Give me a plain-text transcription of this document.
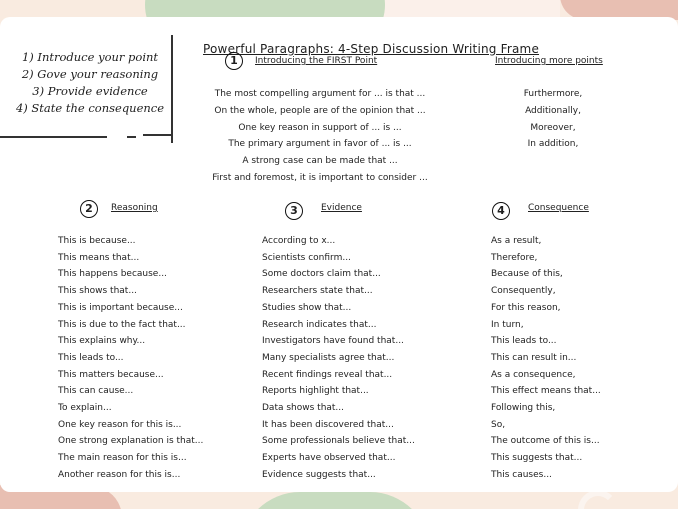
1) Introduce your point
2) Gove your reasoning
3) Provide evidence
4) State the consequence
Powerful Paragraphs: 4-Step Discussion Writing Frame
1	Introducing the FIRST Point
The most compelling argument for ... is that ...
On the whole, people are of the opinion that ...
One key reason in support of ... is ...
The primary argument in favor of ... is ...
A strong case can be made that ...
First and foremost, it is important to consider ...
Introducing more points
Furthermore,
Additionally,
Moreover,
In addition,
2	Reasoning
This is because...
This means that...
This happens because...
This shows that...
This is important because...
This is due to the fact that...
This explains why...
This leads to...
This matters because...
This can cause...
To explain...
One key reason for this is...
One strong explanation is that...
The main reason for this is...
Another reason for this is...
3	Evidence
According to x...
Scientists confirm...
Some doctors claim that...
Researchers state that...
Studies show that...
Research indicates that...
Investigators have found that...
Many specialists agree that...
Recent findings reveal that...
Reports highlight that...
Data shows that...
It has been discovered that...
Some professionals believe that...
Experts have observed that...
Evidence suggests that...
4	Consequence
As a result,
Therefore,
Because of this,
Consequently,
For this reason,
In turn,
This leads to...
This can result in...
As a consequence,
This effect means that...
Following this,
So,
The outcome of this is...
This suggests that...
This causes...
